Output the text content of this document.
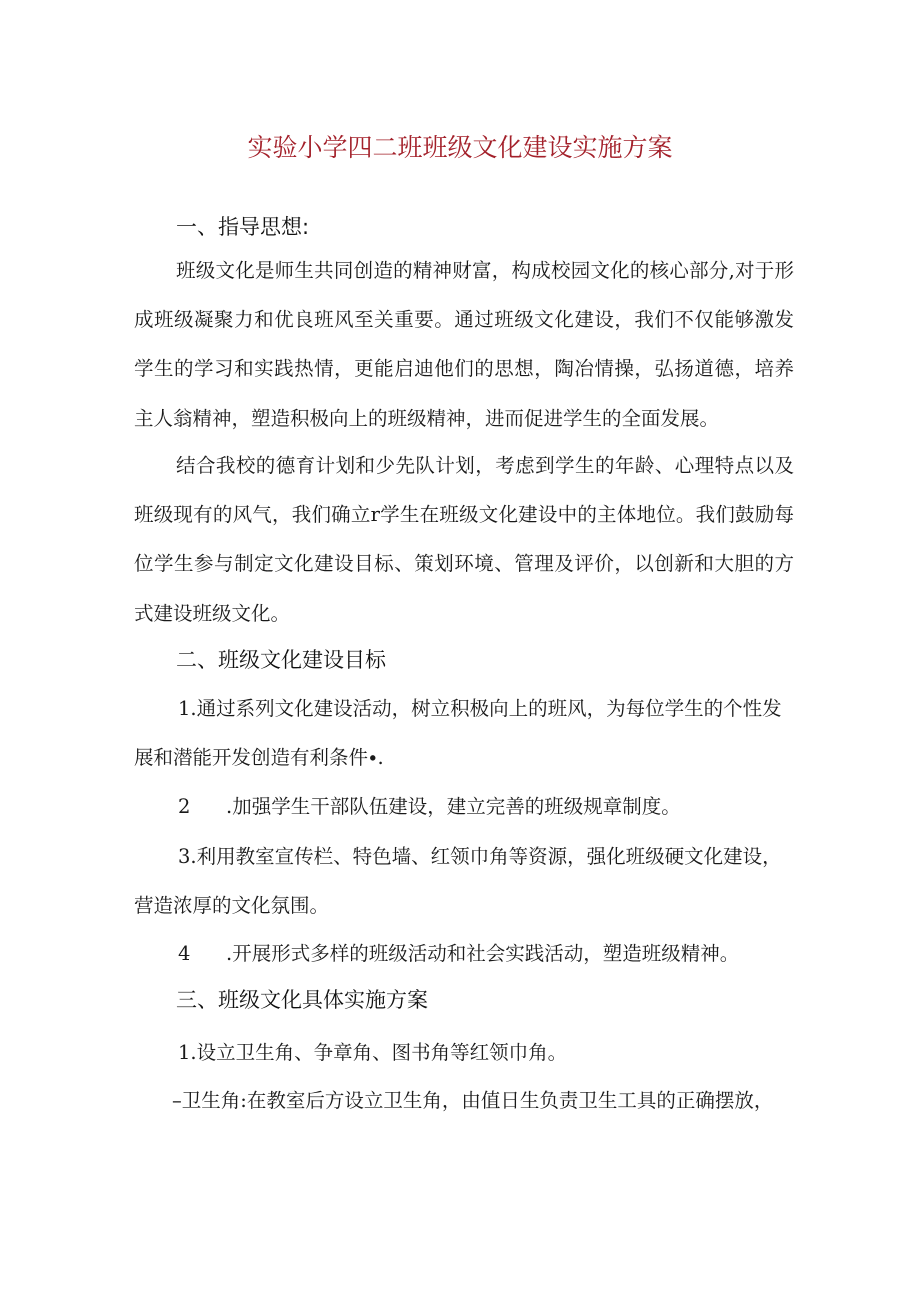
实验小学四二班班级文化建设实施方案
一、指导思想:
班级文化是师生共同创造的精神财富，构成校园文化的核心部分,对于形成班级凝聚力和优良班风至关重要。通过班级文化建设，我们不仅能够激发学生的学习和实践热情，更能启迪他们的思想，陶冶情操，弘扬道德，培养主人翁精神，塑造积极向上的班级精神，进而促进学生的全面发展。
结合我校的德育计划和少先队计划，考虑到学生的年龄、心理特点以及班级现有的风气，我们确立r学生在班级文化建设中的主体地位。我们鼓励每位学生参与制定文化建设目标、策划环境、管理及评价，以创新和大胆的方式建设班级文化。
二、班级文化建设目标
1.通过系列文化建设活动，树立积极向上的班风，为每位学生的个性发展和潜能开发创造有利条件∙.
2 .加强学生干部队伍建设，建立完善的班级规章制度。
3.利用教室宣传栏、特色墙、红领巾角等资源，强化班级硬文化建设，营造浓厚的文化氛围。
4 .开展形式多样的班级活动和社会实践活动，塑造班级精神。
三、班级文化具体实施方案
1.设立卫生角、争章角、图书角等红领巾角。
–卫生角:在教室后方设立卫生角，由值日生负责卫生工具的正确摆放，
